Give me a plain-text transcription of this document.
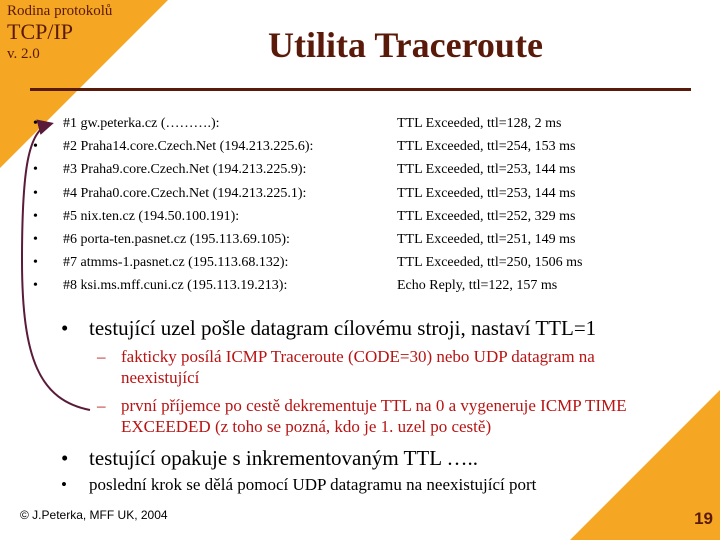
Rodina protokolů
TCP/IP
v. 2.0	Utilita Traceroute
• #1 gw.peterka.cz (……….):	TTL Exceeded, ttl=128, 2 ms
• #2 Praha14.core.Czech.Net (194.213.225.6):	TTL Exceeded, ttl=254, 153 ms
• #3 Praha9.core.Czech.Net (194.213.225.9):	TTL Exceeded, ttl=253, 144 ms
• #4 Praha0.core.Czech.Net (194.213.225.1):	TTL Exceeded, ttl=253, 144 ms
• #5 nix.ten.cz (194.50.100.191):	TTL Exceeded, ttl=252, 329 ms
• #6 porta-ten.pasnet.cz (195.113.69.105):	TTL Exceeded, ttl=251, 149 ms
• #7 atmms-1.pasnet.cz (195.113.68.132):	TTL Exceeded, ttl=250, 1506 ms
• #8 ksi.ms.mff.cuni.cz (195.113.19.213):	Echo Reply, ttl=122, 157 ms
• testující uzel pošle datagram cílovému stroji, nastaví TTL=1
– fakticky posílá ICMP Traceroute (CODE=30) nebo UDP datagram na neexistující
– první příjemce po cestě dekrementuje TTL na 0 a vygeneruje ICMP TIME EXCEEDED (z toho se pozná, kdo je 1. uzel po cestě)
• testující opakuje s inkrementovaným TTL …..
• poslední krok se dělá pomocí UDP datagramu na neexistující port
© J.Peterka, MFF UK, 2004	19
